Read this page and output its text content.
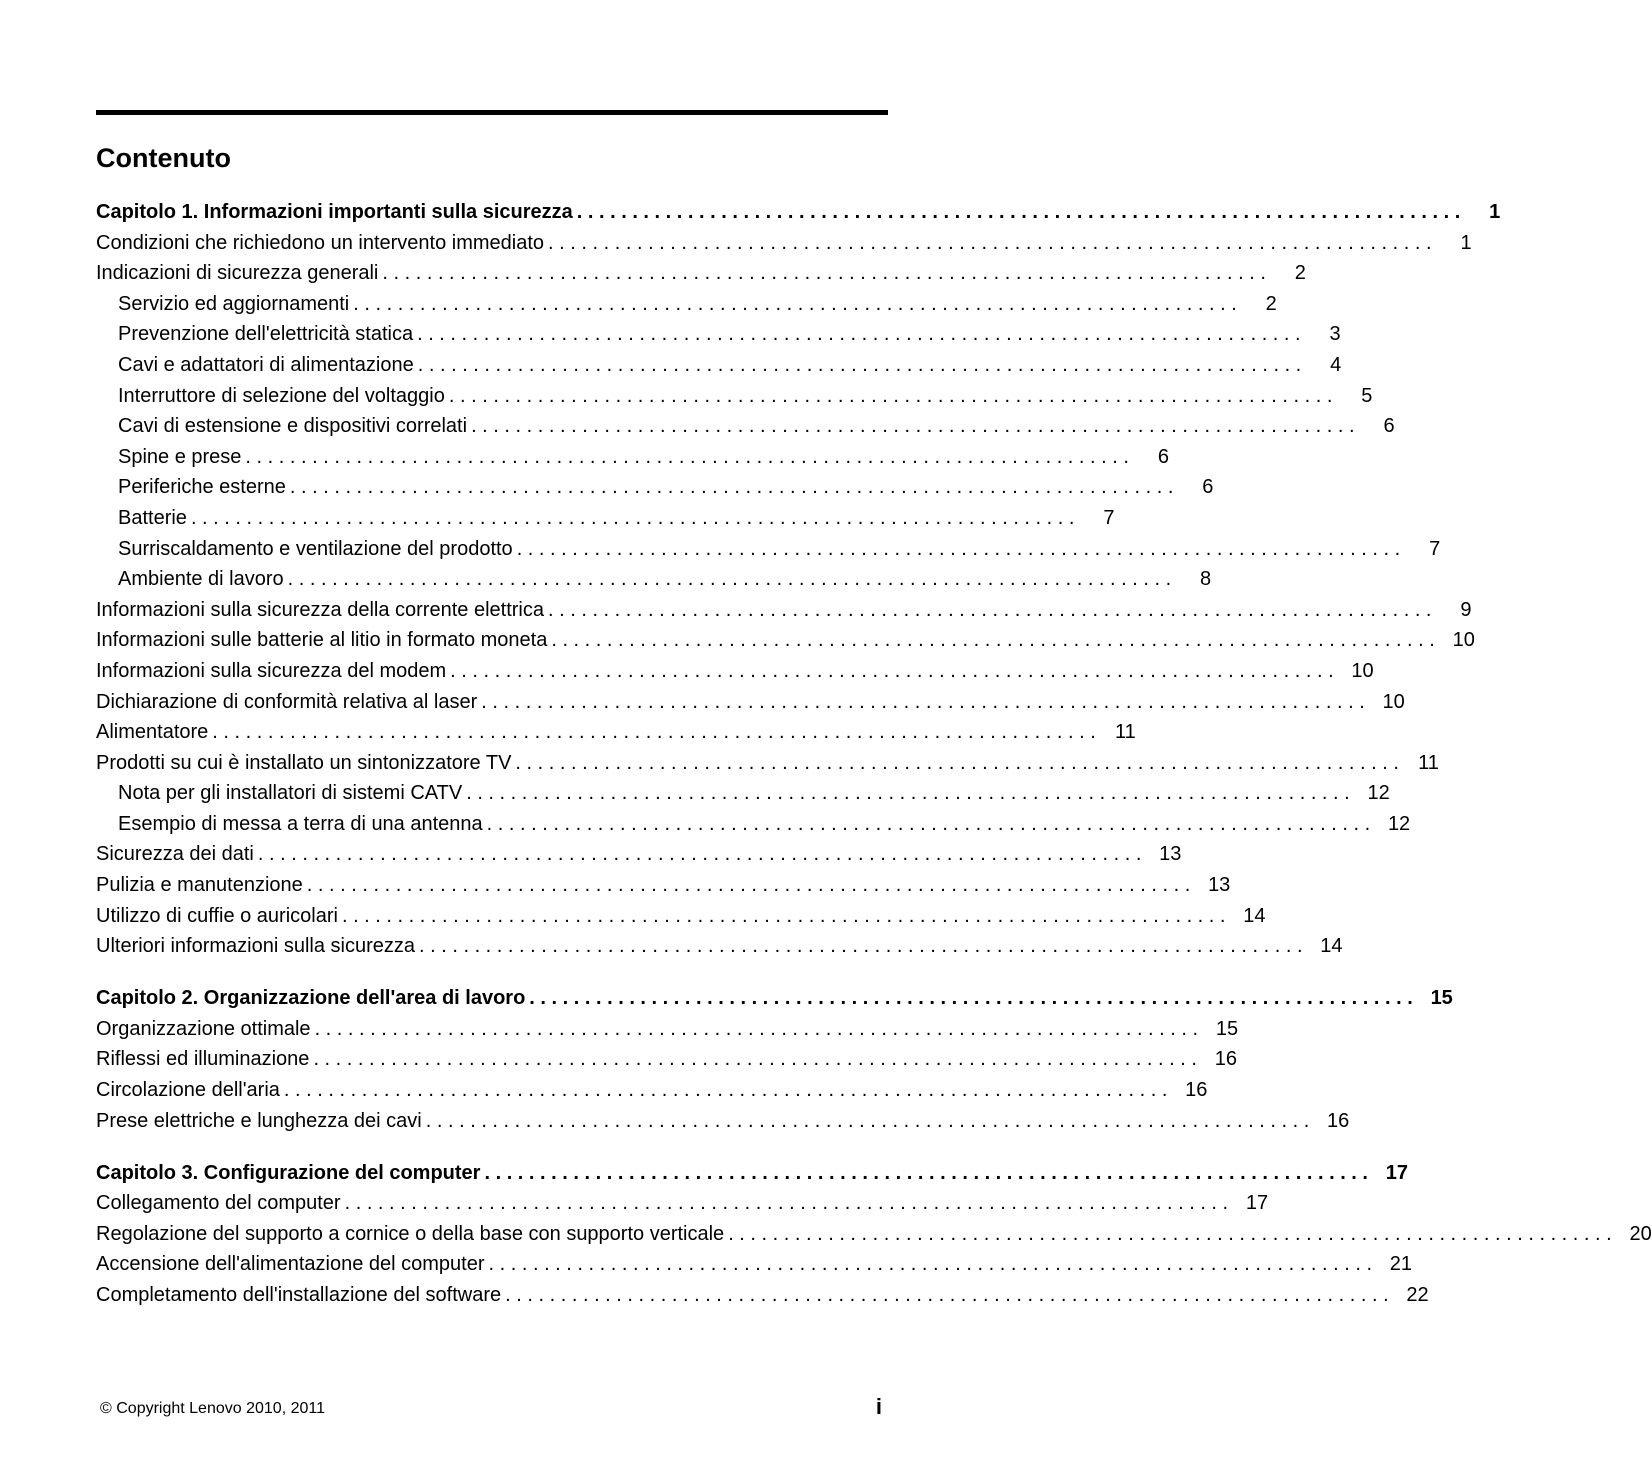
Contenuto
Capitolo 1. Informazioni importanti sulla sicurezza . . . . . . . . . . . . . . . . . . . . . . . . . . . . . . . . . . . . . . . . . . . . . . . . . . . . . . . . . . . . . . . . . . . . . . . . . . . . . . . .	1
Condizioni che richiedono un intervento immediato . . . . . . . . . . . . . . . . . . . . . . . . . . . . . . . . . . . . . . . . . . . . . . . . . . . . . . . . . . . . . . . . . . . . . . . . . . . . . . . .	1
Indicazioni di sicurezza generali . . . . . . . . . . . . . . . . . . . . . . . . . . . . . . . . . . . . . . . . . . . . . . . . . . . . . . . . . . . . . . . . . . . . . . . . . . . . . . . .	2
Servizio ed aggiornamenti . . . . . . . . . . . . . . . . . . . . . . . . . . . . . . . . . . . . . . . . . . . . . . . . . . . . . . . . . . . . . . . . . . . . . . . . . . . . . . . .	2
Prevenzione dell'elettricità statica . . . . . . . . . . . . . . . . . . . . . . . . . . . . . . . . . . . . . . . . . . . . . . . . . . . . . . . . . . . . . . . . . . . . . . . . . . . . . . . .	3
Cavi e adattatori di alimentazione . . . . . . . . . . . . . . . . . . . . . . . . . . . . . . . . . . . . . . . . . . . . . . . . . . . . . . . . . . . . . . . . . . . . . . . . . . . . . . . .	4
Interruttore di selezione del voltaggio . . . . . . . . . . . . . . . . . . . . . . . . . . . . . . . . . . . . . . . . . . . . . . . . . . . . . . . . . . . . . . . . . . . . . . . . . . . . . . . .	5
Cavi di estensione e dispositivi correlati . . . . . . . . . . . . . . . . . . . . . . . . . . . . . . . . . . . . . . . . . . . . . . . . . . . . . . . . . . . . . . . . . . . . . . . . . . . . . . . .	6
Spine e prese . . . . . . . . . . . . . . . . . . . . . . . . . . . . . . . . . . . . . . . . . . . . . . . . . . . . . . . . . . . . . . . . . . . . . . . . . . . . . . . .	6
Periferiche esterne . . . . . . . . . . . . . . . . . . . . . . . . . . . . . . . . . . . . . . . . . . . . . . . . . . . . . . . . . . . . . . . . . . . . . . . . . . . . . . . .	6
Batterie . . . . . . . . . . . . . . . . . . . . . . . . . . . . . . . . . . . . . . . . . . . . . . . . . . . . . . . . . . . . . . . . . . . . . . . . . . . . . . . .	7
Surriscaldamento e ventilazione del prodotto . . . . . . . . . . . . . . . . . . . . . . . . . . . . . . . . . . . . . . . . . . . . . . . . . . . . . . . . . . . . . . . . . . . . . . . . . . . . . . . .	7
Ambiente di lavoro . . . . . . . . . . . . . . . . . . . . . . . . . . . . . . . . . . . . . . . . . . . . . . . . . . . . . . . . . . . . . . . . . . . . . . . . . . . . . . . .	8
Informazioni sulla sicurezza della corrente elettrica . . . . . . . . . . . . . . . . . . . . . . . . . . . . . . . . . . . . . . . . . . . . . . . . . . . . . . . . . . . . . . . . . . . . . . . . . . . . . . . .	9
Informazioni sulle batterie al litio in formato moneta . . . . . . . . . . . . . . . . . . . . . . . . . . . . . . . . . . . . . . . . . . . . . . . . . . . . . . . . . . . . . . . . . . . . . . . . . . . . . . . . 10
Informazioni sulla sicurezza del modem . . . . . . . . . . . . . . . . . . . . . . . . . . . . . . . . . . . . . . . . . . . . . . . . . . . . . . . . . . . . . . . . . . . . . . . . . . . . . . . . 10
Dichiarazione di conformità relativa al laser . . . . . . . . . . . . . . . . . . . . . . . . . . . . . . . . . . . . . . . . . . . . . . . . . . . . . . . . . . . . . . . . . . . . . . . . . . . . . . . . 10
Alimentatore . . . . . . . . . . . . . . . . . . . . . . . . . . . . . . . . . . . . . . . . . . . . . . . . . . . . . . . . . . . . . . . . . . . . . . . . . . . . . . . . 11
Prodotti su cui è installato un sintonizzatore TV . . . . . . . . . . . . . . . . . . . . . . . . . . . . . . . . . . . . . . . . . . . . . . . . . . . . . . . . . . . . . . . . . . . . . . . . . . . . . . . . 11
Nota per gli installatori di sistemi CATV . . . . . . . . . . . . . . . . . . . . . . . . . . . . . . . . . . . . . . . . . . . . . . . . . . . . . . . . . . . . . . . . . . . . . . . . . . . . . . . . 12
Esempio di messa a terra di una antenna . . . . . . . . . . . . . . . . . . . . . . . . . . . . . . . . . . . . . . . . . . . . . . . . . . . . . . . . . . . . . . . . . . . . . . . . . . . . . . . . 12
Sicurezza dei dati . . . . . . . . . . . . . . . . . . . . . . . . . . . . . . . . . . . . . . . . . . . . . . . . . . . . . . . . . . . . . . . . . . . . . . . . . . . . . . . . 13
Pulizia e manutenzione . . . . . . . . . . . . . . . . . . . . . . . . . . . . . . . . . . . . . . . . . . . . . . . . . . . . . . . . . . . . . . . . . . . . . . . . . . . . . . . . 13
Utilizzo di cuffie o auricolari . . . . . . . . . . . . . . . . . . . . . . . . . . . . . . . . . . . . . . . . . . . . . . . . . . . . . . . . . . . . . . . . . . . . . . . . . . . . . . . . 14
Ulteriori informazioni sulla sicurezza . . . . . . . . . . . . . . . . . . . . . . . . . . . . . . . . . . . . . . . . . . . . . . . . . . . . . . . . . . . . . . . . . . . . . . . . . . . . . . . . 14
Capitolo 2. Organizzazione dell'area di lavoro . . . . . . . . . . . . . . . . . . . . . . . . . . . . . . . . . . . . . . . . . . . . . . . . . . . . . . . . . . . . . . . . . . . . . . . . . . . . . . . . 15
Organizzazione ottimale . . . . . . . . . . . . . . . . . . . . . . . . . . . . . . . . . . . . . . . . . . . . . . . . . . . . . . . . . . . . . . . . . . . . . . . . . . . . . . . . 15
Riflessi ed illuminazione . . . . . . . . . . . . . . . . . . . . . . . . . . . . . . . . . . . . . . . . . . . . . . . . . . . . . . . . . . . . . . . . . . . . . . . . . . . . . . . . 16
Circolazione dell'aria . . . . . . . . . . . . . . . . . . . . . . . . . . . . . . . . . . . . . . . . . . . . . . . . . . . . . . . . . . . . . . . . . . . . . . . . . . . . . . . . 16
Prese elettriche e lunghezza dei cavi . . . . . . . . . . . . . . . . . . . . . . . . . . . . . . . . . . . . . . . . . . . . . . . . . . . . . . . . . . . . . . . . . . . . . . . . . . . . . . . . 16
Capitolo 3. Configurazione del computer . . . . . . . . . . . . . . . . . . . . . . . . . . . . . . . . . . . . . . . . . . . . . . . . . . . . . . . . . . . . . . . . . . . . . . . . . . . . . . . . 17
Collegamento del computer . . . . . . . . . . . . . . . . . . . . . . . . . . . . . . . . . . . . . . . . . . . . . . . . . . . . . . . . . . . . . . . . . . . . . . . . . . . . . . . . 17
Regolazione del supporto a cornice o della base con supporto verticale . . . . . . . . . . . . . . . . . . . . . . . . . . . . . . . . . . . . . . . . . . . . . . . . . . . . . . . . . . . . . . . . . . . . . . . . . . . . . . . . 20
Accensione dell'alimentazione del computer . . . . . . . . . . . . . . . . . . . . . . . . . . . . . . . . . . . . . . . . . . . . . . . . . . . . . . . . . . . . . . . . . . . . . . . . . . . . . . . . 21
Completamento dell'installazione del software . . . . . . . . . . . . . . . . . . . . . . . . . . . . . . . . . . . . . . . . . . . . . . . . . . . . . . . . . . . . . . . . . . . . . . . . . . . . . . . . 22
© Copyright Lenovo 2010, 2011	i
